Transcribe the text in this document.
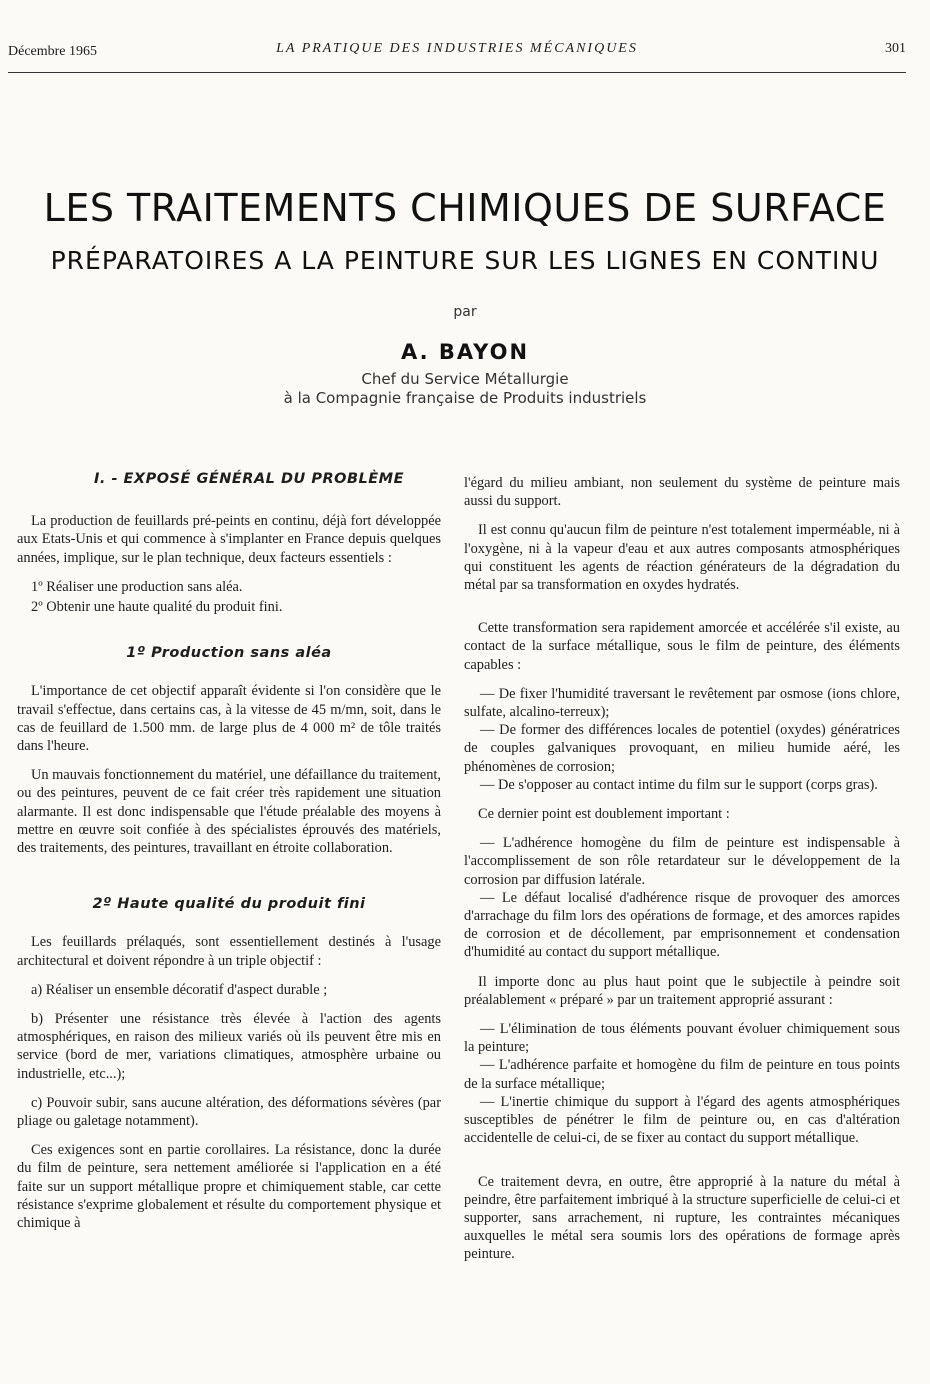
Décembre 1965	LA PRATIQUE DES INDUSTRIES MÉCANIQUES	301
LES TRAITEMENTS CHIMIQUES DE SURFACE
PRÉPARATOIRES A LA PEINTURE SUR LES LIGNES EN CONTINU
par
A. BAYON
Chef du Service Métallurgie
à la Compagnie française de Produits industriels
I. - EXPOSÉ GÉNÉRAL DU PROBLÈME

La production de feuillards pré-peints en continu, déjà fort développée aux Etats-Unis et qui commence à s'implanter en France depuis quelques années, implique, sur le plan technique, deux facteurs essentiels :

1º Réaliser une production sans aléa.

2º Obtenir une haute qualité du produit fini.

1º Production sans aléa

L'importance de cet objectif apparaît évidente si l'on considère que le travail s'effectue, dans certains cas, à la vitesse de 45 m/mn, soit, dans le cas de feuillard de 1.500 mm. de large plus de 4 000 m² de tôle traités dans l'heure.

Un mauvais fonctionnement du matériel, une défaillance du traitement, ou des peintures, peuvent de ce fait créer très rapidement une situation alarmante. Il est donc indispensable que l'étude préalable des moyens à mettre en œuvre soit confiée à des spécialistes éprouvés des matériels, des traitements, des peintures, travaillant en étroite collaboration.

2º Haute qualité du produit fini

Les feuillards prélaqués, sont essentiellement destinés à l'usage architectural et doivent répondre à un triple objectif :

a) Réaliser un ensemble décoratif d'aspect durable ;

b) Présenter une résistance très élevée à l'action des agents atmosphériques, en raison des milieux variés où ils peuvent être mis en service (bord de mer, variations climatiques, atmosphère urbaine ou industrielle, etc...);

c) Pouvoir subir, sans aucune altération, des déformations sévères (par pliage ou galetage notamment).

Ces exigences sont en partie corollaires. La résistance, donc la durée du film de peinture, sera nettement améliorée si l'application en a été faite sur un support métallique propre et chimiquement stable, car cette résistance s'exprime globalement et résulte du comportement physique et chimique à

l'égard du milieu ambiant, non seulement du système de peinture mais aussi du support.

Il est connu qu'aucun film de peinture n'est totalement imperméable, ni à l'oxygène, ni à la vapeur d'eau et aux autres composants atmosphériques qui constituent les agents de réaction générateurs de la dégradation du métal par sa transformation en oxydes hydratés.

Cette transformation sera rapidement amorcée et accélérée s'il existe, au contact de la surface métallique, sous le film de peinture, des éléments capables :

— De fixer l'humidité traversant le revêtement par osmose (ions chlore, sulfate, alcalino-terreux);

— De former des différences locales de potentiel (oxydes) génératrices de couples galvaniques provoquant, en milieu humide aéré, les phénomènes de corrosion;

— De s'opposer au contact intime du film sur le support (corps gras).

Ce dernier point est doublement important :

— L'adhérence homogène du film de peinture est indispensable à l'accomplissement de son rôle retardateur sur le développement de la corrosion par diffusion latérale.

— Le défaut localisé d'adhérence risque de provoquer des amorces d'arrachage du film lors des opérations de formage, et des amorces rapides de corrosion et de décollement, par emprisonnement et condensation d'humidité au contact du support métallique.

Il importe donc au plus haut point que le subjectile à peindre soit préalablement « préparé » par un traitement approprié assurant :

— L'élimination de tous éléments pouvant évoluer chimiquement sous la peinture;

— L'adhérence parfaite et homogène du film de peinture en tous points de la surface métallique;

— L'inertie chimique du support à l'égard des agents atmosphériques susceptibles de pénétrer le film de peinture ou, en cas d'altération accidentelle de celui-ci, de se fixer au contact du support métallique.

Ce traitement devra, en outre, être approprié à la nature du métal à peindre, être parfaitement imbriqué à la structure superficielle de celui-ci et supporter, sans arrachement, ni rupture, les contraintes mécaniques auxquelles le métal sera soumis lors des opérations de formage après peinture.
